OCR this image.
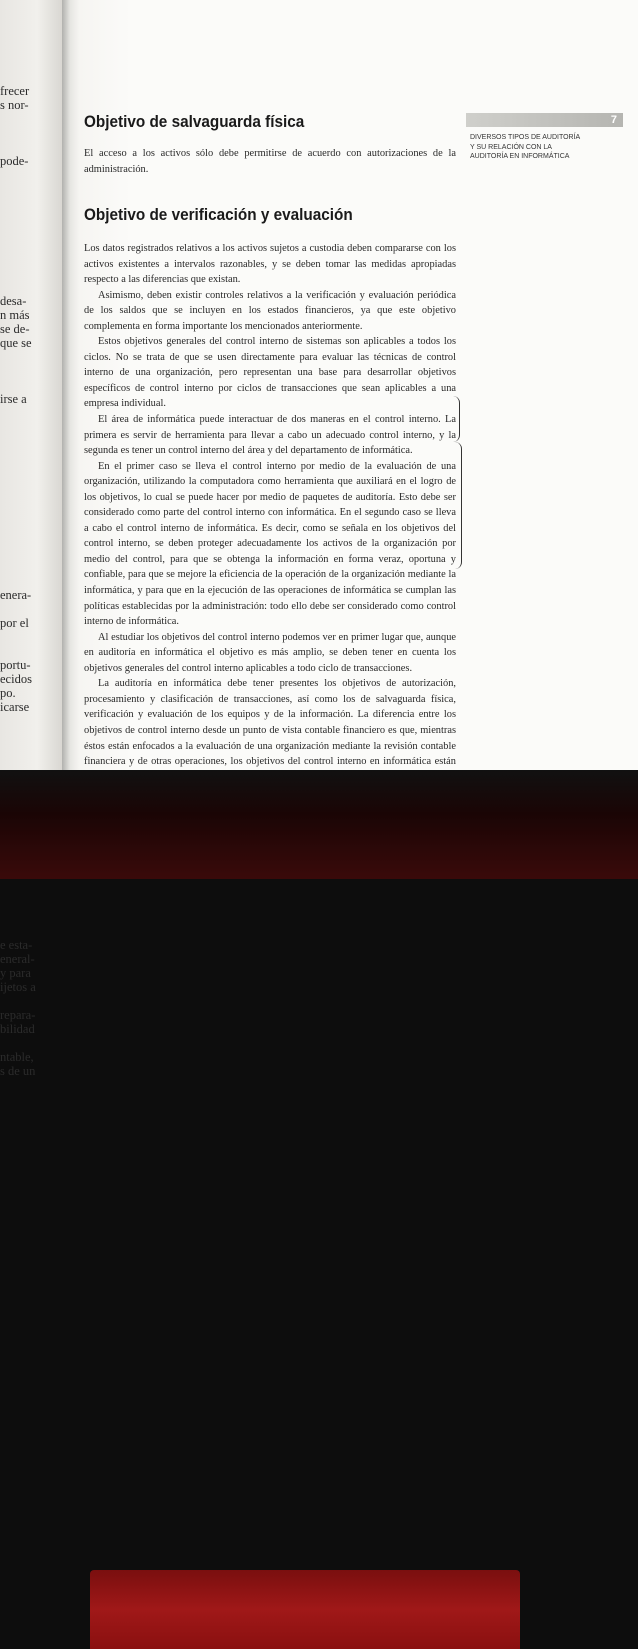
frecer
s nor-
pode-
desa-
n más
se de-
que se
irse a
enera-
por el
portu-
ecidos
po.
icarse
e esta-
eneral-
y para
ijetos a
repara-
bilidad
ntable,
s de un

7

DIVERSOS TIPOS DE AUDITORÍA Y SU RELACIÓN CON LA AUDITORÍA EN INFORMÁTICA

Objetivo de salvaguarda física

El acceso a los activos sólo debe permitirse de acuerdo con autorizaciones de la administración.

Objetivo de verificación y evaluación

Los datos registrados relativos a los activos sujetos a custodia deben compararse con los activos existentes a intervalos razonables, y se deben tomar las medidas apropiadas respecto a las diferencias que existan.

Asimismo, deben existir controles relativos a la verificación y evaluación periódica de los saldos que se incluyen en los estados financieros, ya que este objetivo complementa en forma importante los mencionados anteriormente.

Estos objetivos generales del control interno de sistemas son aplicables a todos los ciclos. No se trata de que se usen directamente para evaluar las técnicas de control interno de una organización, pero representan una base para desarrollar objetivos específicos de control interno por ciclos de transacciones que sean aplicables a una empresa individual.

El área de informática puede interactuar de dos maneras en el control interno. La primera es servir de herramienta para llevar a cabo un adecuado control interno, y la segunda es tener un control interno del área y del departamento de informática.

En el primer caso se lleva el control interno por medio de la evaluación de una organización, utilizando la computadora como herramienta que auxiliará en el logro de los objetivos, lo cual se puede hacer por medio de paquetes de auditoría. Esto debe ser considerado como parte del control interno con informática. En el segundo caso se lleva a cabo el control interno de informática. Es decir, como se señala en los objetivos del control interno, se deben proteger adecuadamente los activos de la organización por medio del control, para que se obtenga la información en forma veraz, oportuna y confiable, para que se mejore la eficiencia de la operación de la organización mediante la informática, y para que en la ejecución de las operaciones de informática se cumplan las políticas establecidas por la administración: todo ello debe ser considerado como control interno de informática.

Al estudiar los objetivos del control interno podemos ver en primer lugar que, aunque en auditoría en informática el objetivo es más amplio, se deben tener en cuenta los objetivos generales del control interno aplicables a todo ciclo de transacciones.

La auditoría en informática debe tener presentes los objetivos de autorización, procesamiento y clasificación de transacciones, así como los de salvaguarda física, verificación y evaluación de los equipos y de la información. La diferencia entre los objetivos de control interno desde un punto de vista contable financiero es que, mientras éstos están enfocados a la evaluación de una organización mediante la revisión contable financiera y de otras operaciones, los objetivos del control interno en informática están
